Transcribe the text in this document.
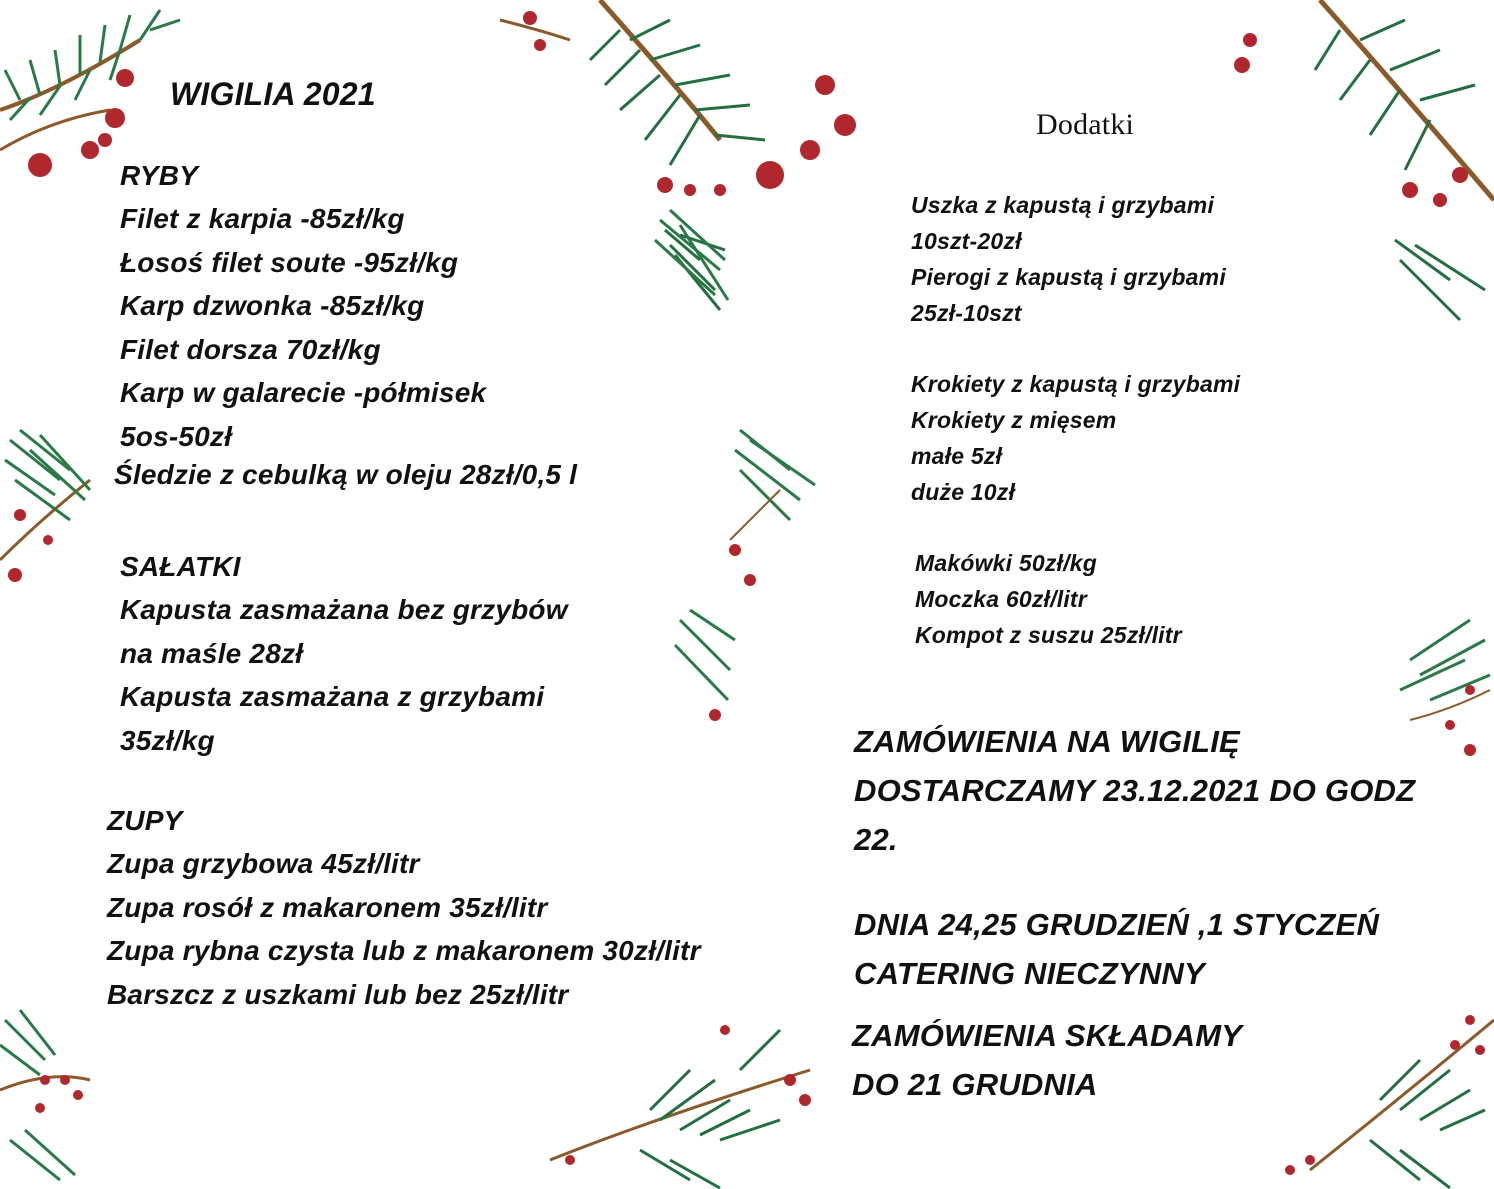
WIGILIA 2021
RYBY
Filet z karpia -85zł/kg
Łosoś filet soute -95zł/kg
Karp dzwonka -85zł/kg
Filet dorsza 70zł/kg
Karp w galarecie -półmisek
5os-50zł
Śledzie z cebulką w oleju 28zł/0,5 l
SAŁATKI
Kapusta zasmażana bez grzybów
na maśle 28zł
Kapusta zasmażana z grzybami
35zł/kg
ZUPY
Zupa grzybowa 45zł/litr
Zupa rosół z makaronem 35zł/litr
Zupa rybna czysta lub z makaronem 30zł/litr
Barszcz z uszkami lub bez 25zł/litr
Dodatki
Uszka z kapustą i grzybami
10szt-20zł
Pierogi z kapustą i grzybami
25zł-10szt
Krokiety z kapustą i grzybami
Krokiety z mięsem
małe 5zł
duże 10zł
Makówki 50zł/kg
Moczka 60zł/litr
Kompot z suszu 25zł/litr
ZAMÓWIENIA NA WIGILIĘ
DOSTARCZAMY 23.12.2021 DO GODZ
22.
DNIA 24,25 GRUDZIEŃ ,1 STYCZEŃ
CATERING NIECZYNNY
ZAMÓWIENIA SKŁADAMY
DO 21 GRUDNIA
